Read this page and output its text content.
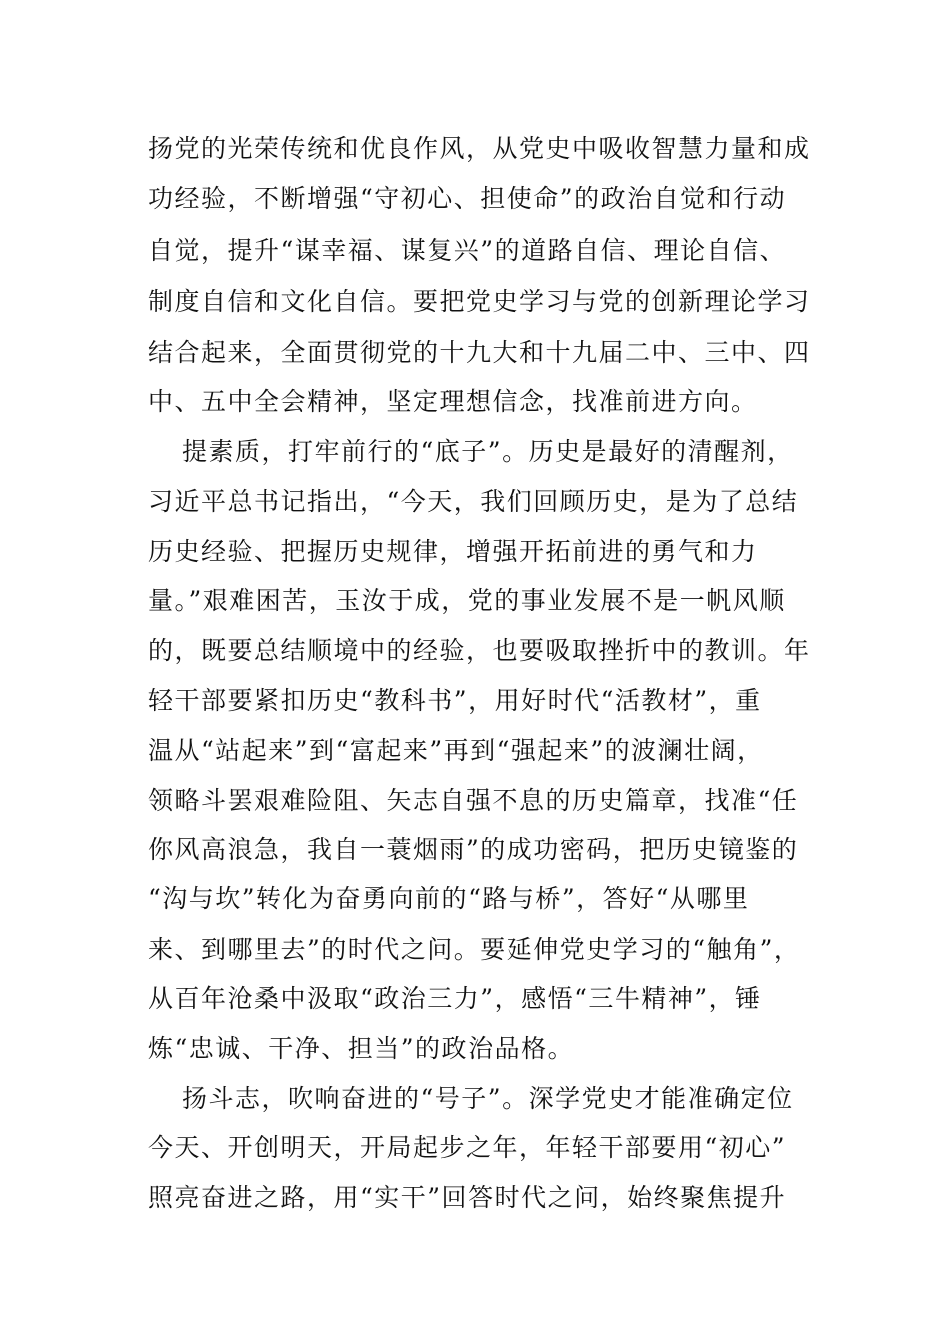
扬党的光荣传统和优良作风，从党史中吸收智慧力量和成
功经验，不断增强“守初心、担使命”的政治自觉和行动
自觉，提升“谋幸福、谋复兴”的道路自信、理论自信、
制度自信和文化自信。要把党史学习与党的创新理论学习
结合起来，全面贯彻党的十九大和十九届二中、三中、四
中、五中全会精神，坚定理想信念，找准前进方向。
提素质，打牢前行的“底子”。历史是最好的清醒剂，
习近平总书记指出，“今天，我们回顾历史，是为了总结
历史经验、把握历史规律，增强开拓前进的勇气和力
量。”艰难困苦，玉汝于成，党的事业发展不是一帆风顺
的，既要总结顺境中的经验，也要吸取挫折中的教训。年
轻干部要紧扣历史“教科书”，用好时代“活教材”，重
温从“站起来”到“富起来”再到“强起来”的波澜壮阔，
领略斗罢艰难险阻、矢志自强不息的历史篇章，找准“任
你风高浪急，我自一蓑烟雨”的成功密码，把历史镜鉴的
“沟与坎”转化为奋勇向前的“路与桥”，答好“从哪里
来、到哪里去”的时代之问。要延伸党史学习的“触角”，
从百年沧桑中汲取“政治三力”，感悟“三牛精神”，锤
炼“忠诚、干净、担当”的政治品格。
扬斗志，吹响奋进的“号子”。深学党史才能准确定位
今天、开创明天，开局起步之年，年轻干部要用“初心”
照亮奋进之路，用“实干”回答时代之问，始终聚焦提升
